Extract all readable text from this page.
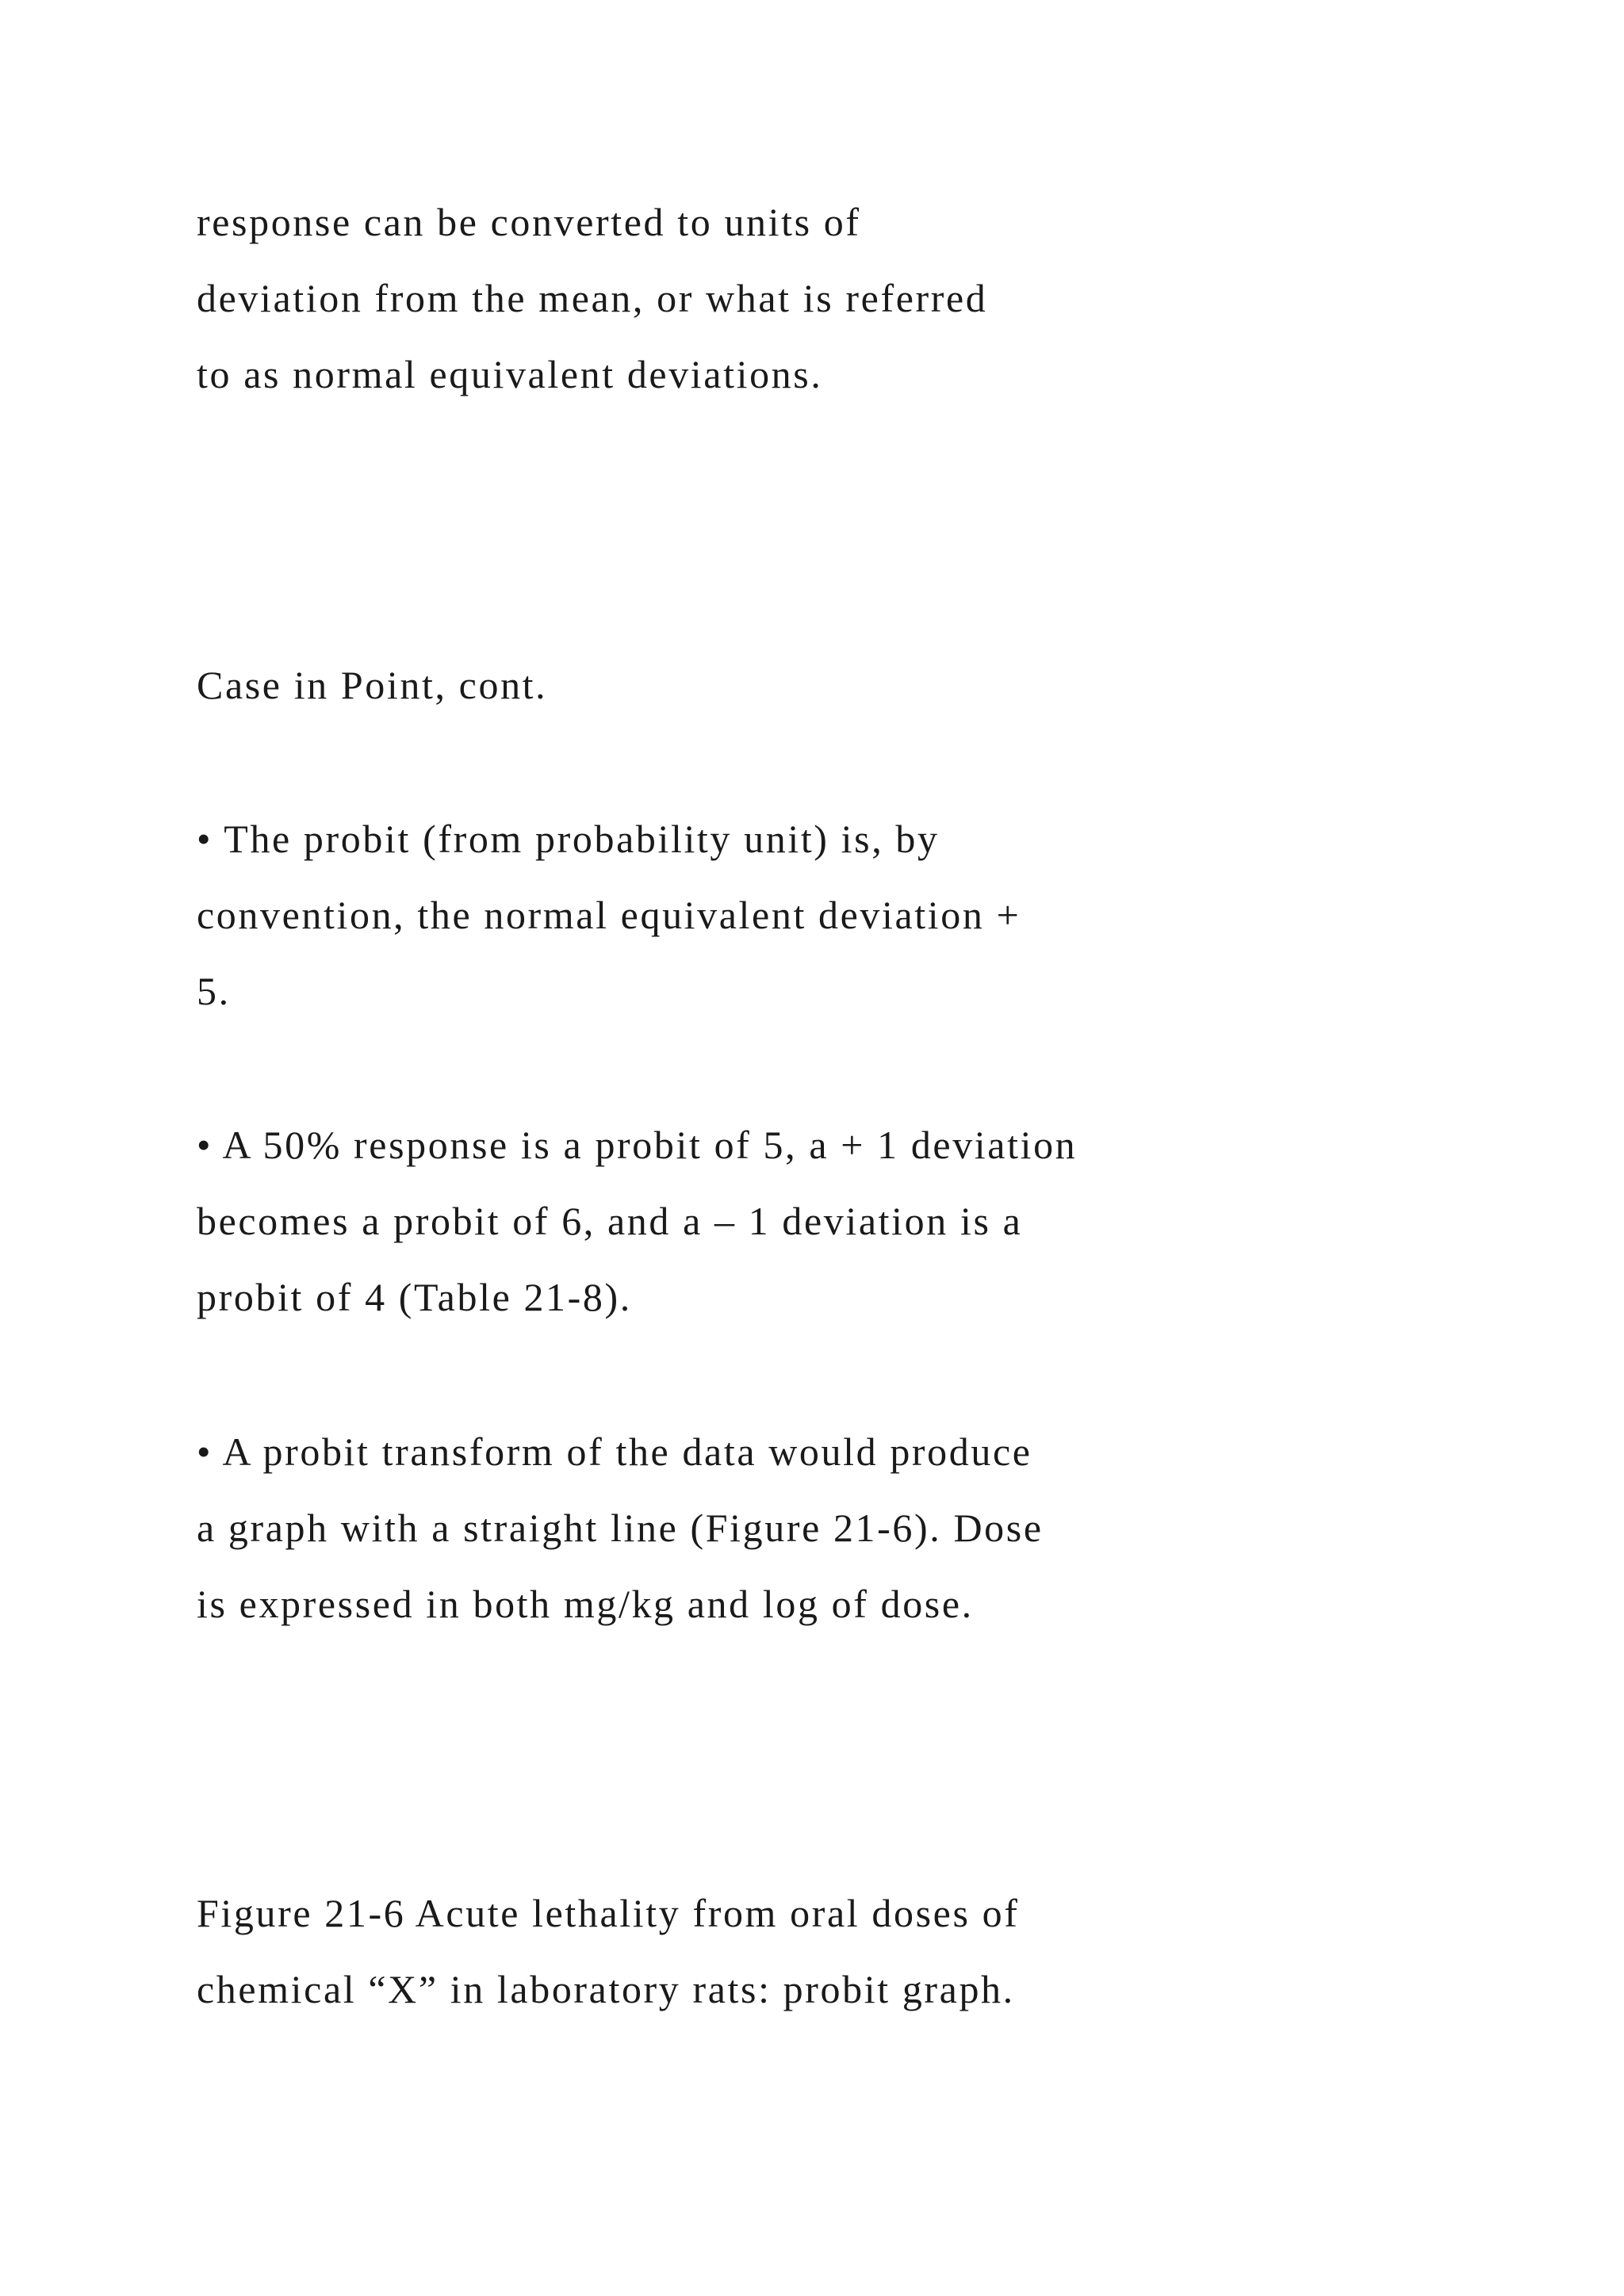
response can be converted to units of

deviation from the mean, or what is referred

to as normal equivalent deviations.

Case in Point, cont.

• The probit (from probability unit) is, by

convention, the normal equivalent deviation +

5.

• A 50% response is a probit of 5, a + 1 deviation

becomes a probit of 6, and a – 1 deviation is a

probit of 4 (Table 21-8).

• A probit transform of the data would produce

a graph with a straight line (Figure 21-6). Dose

is expressed in both mg/kg and log of dose.

Figure 21-6 Acute lethality from oral doses of

chemical “X” in laboratory rats: probit graph.
